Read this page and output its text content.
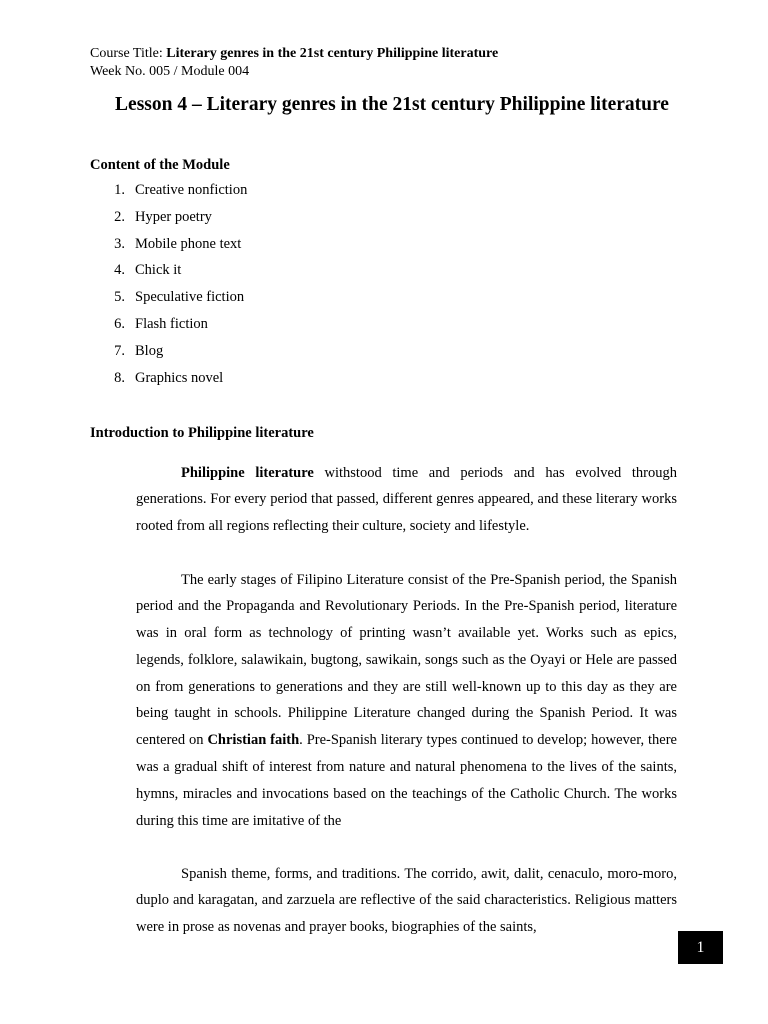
Course Title: Literary genres in the 21st century Philippine literature
Week No. 005 / Module 004
Lesson 4 – Literary genres in the 21st century Philippine literature
Content of the Module
1. Creative nonfiction
2. Hyper poetry
3. Mobile phone text
4. Chick it
5. Speculative fiction
6. Flash fiction
7. Blog
8. Graphics novel
Introduction to Philippine literature

Philippine literature withstood time and periods and has evolved through generations. For every period that passed, different genres appeared, and these literary works rooted from all regions reflecting their culture, society and lifestyle.

The early stages of Filipino Literature consist of the Pre-Spanish period, the Spanish period and the Propaganda and Revolutionary Periods. In the Pre-Spanish period, literature was in oral form as technology of printing wasn’t available yet. Works such as epics, legends, folklore, salawikain, bugtong, sawikain, songs such as the Oyayi or Hele are passed on from generations to generations and they are still well-known up to this day as they are being taught in schools. Philippine Literature changed during the Spanish Period. It was centered on Christian faith. Pre-Spanish literary types continued to develop; however, there was a gradual shift of interest from nature and natural phenomena to the lives of the saints, hymns, miracles and invocations based on the teachings of the Catholic Church. The works during this time are imitative of the

Spanish theme, forms, and traditions. The corrido, awit, dalit, cenaculo, moro-moro, duplo and karagatan, and zarzuela are reflective of the said characteristics. Religious matters were in prose as novenas and prayer books, biographies of the saints,

1
